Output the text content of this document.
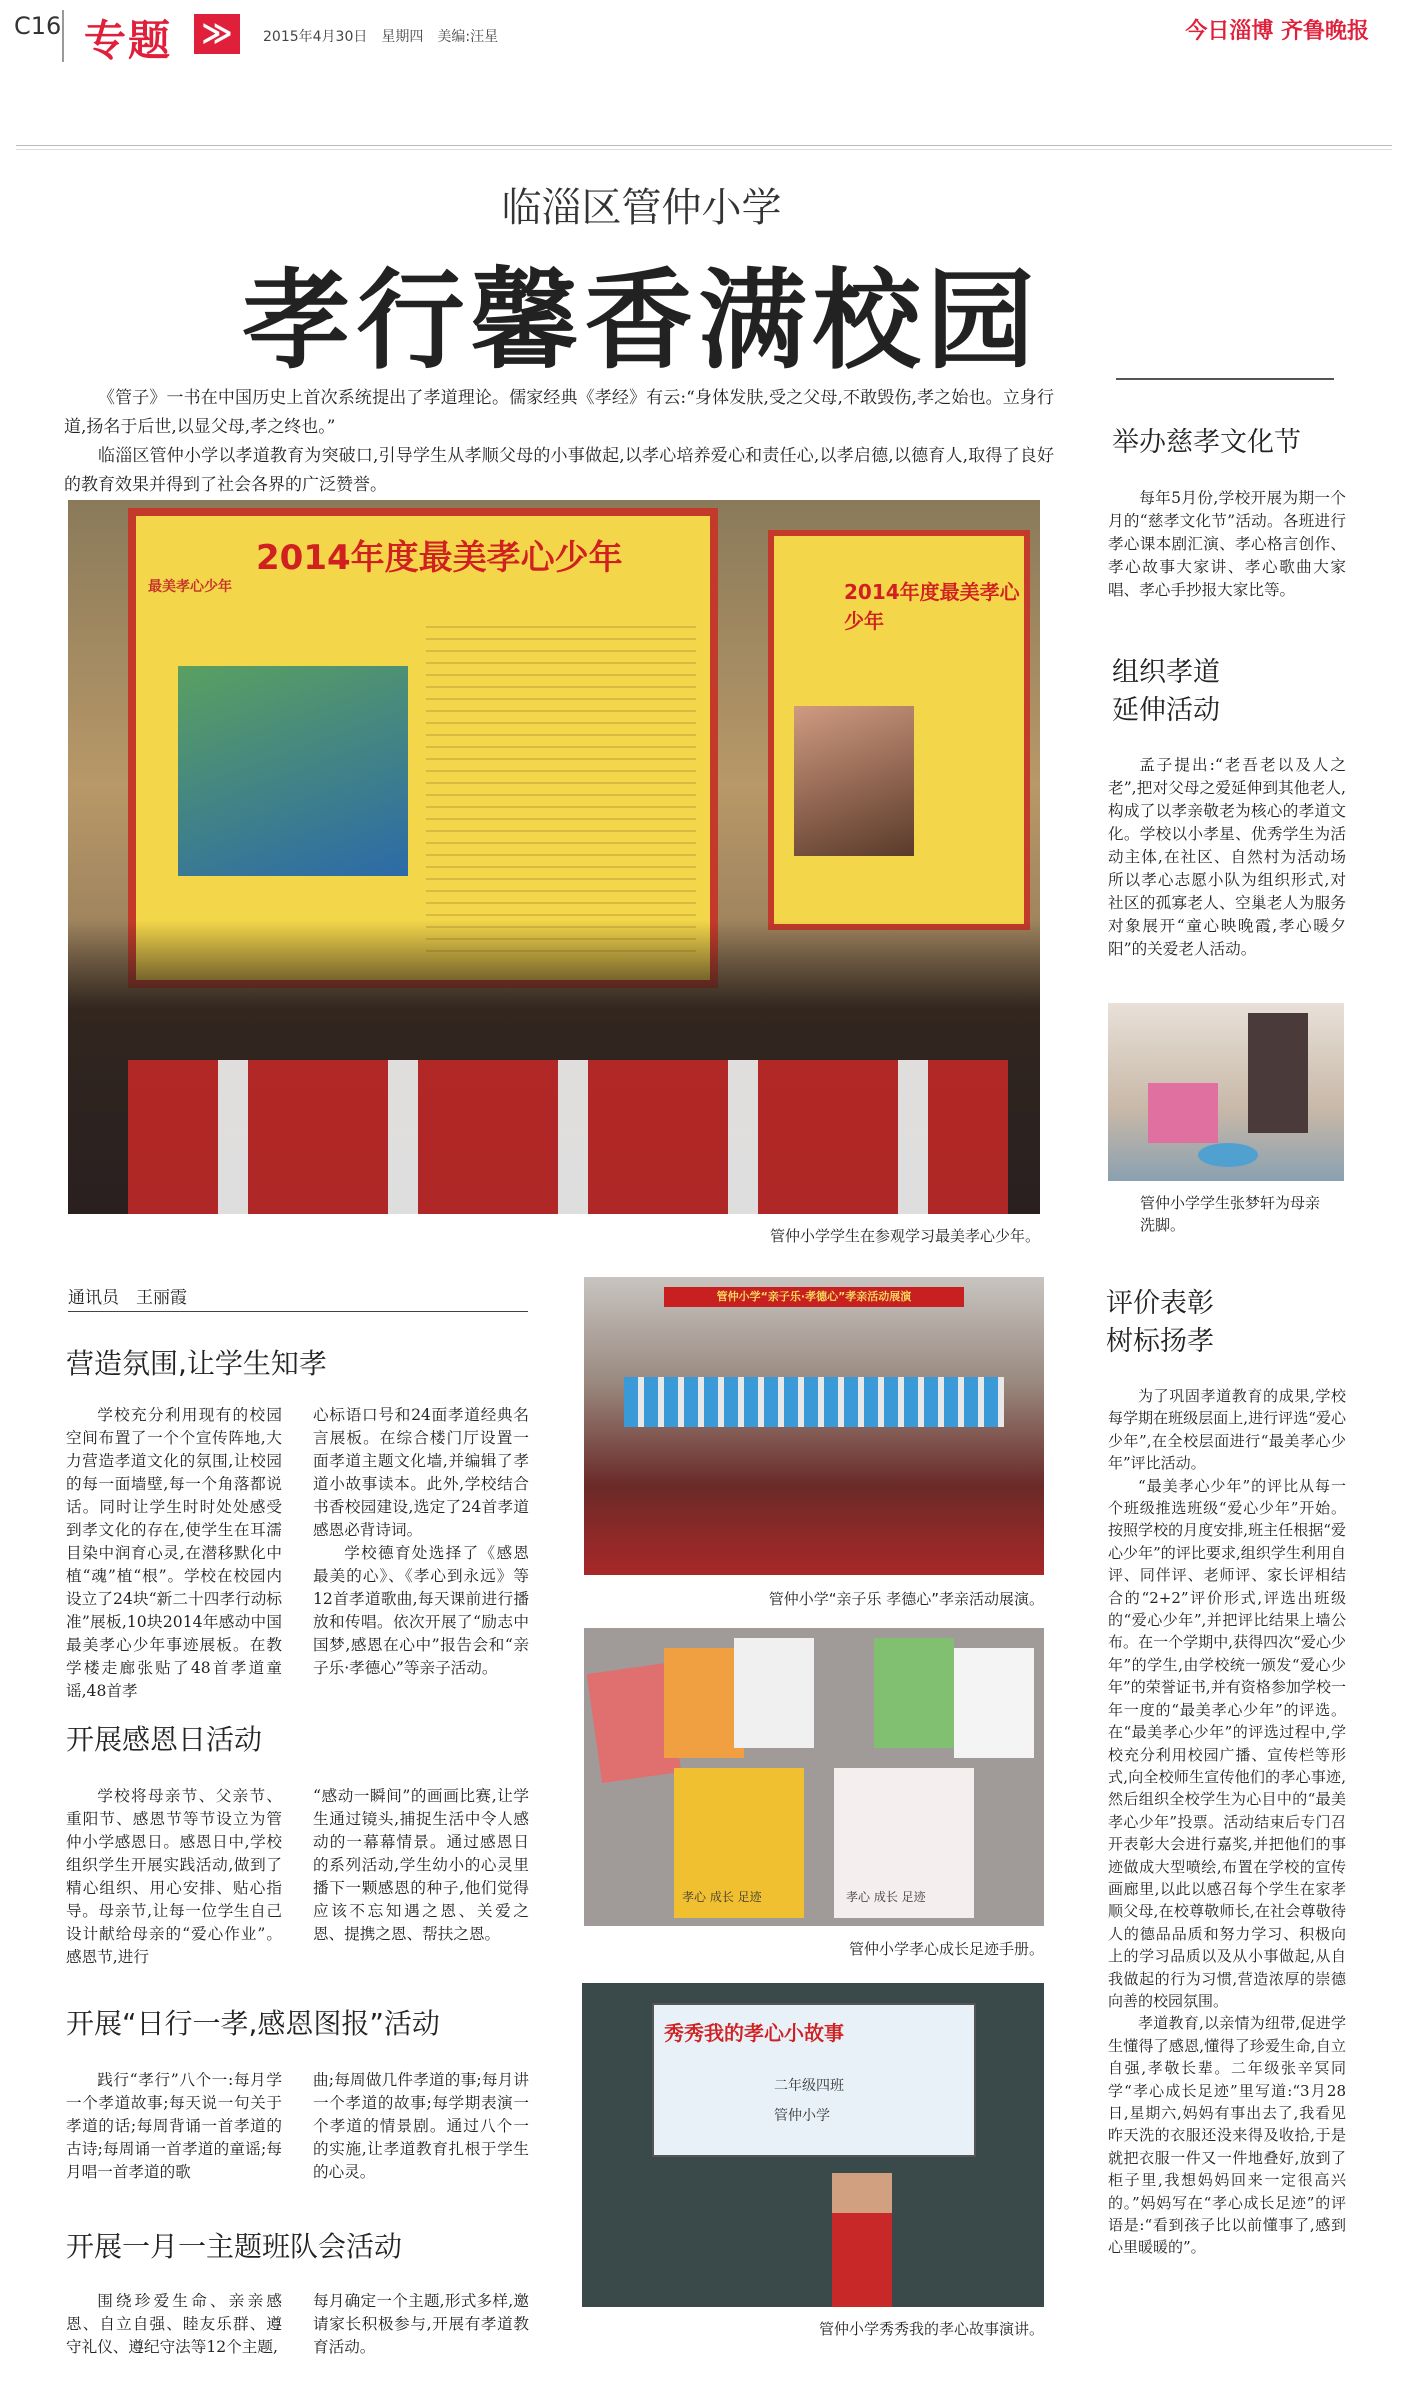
C16 专题 ≫	2015年4月30日　星期四　美编:汪星	今日淄博 齐鲁晚报
临淄区管仲小学
孝行馨香满校园

《管子》一书在中国历史上首次系统提出了孝道理论。儒家经典《孝经》有云:“身体发肤,受之父母,不敢毁伤,孝之始也。立身行道,扬名于后世,以显父母,孝之终也。”

临淄区管仲小学以孝道教育为突破口,引导学生从孝顺父母的小事做起,以孝心培养爱心和责任心,以孝启德,以德育人,取得了良好的教育效果并得到了社会各界的广泛赞誉。

最美孝心少年
2014年度最美孝心少年
2014年度最美孝心少年
管仲小学学生在参观学习最美孝心少年。
通讯员　王丽霞
营造氛围,让学生知孝

学校充分利用现有的校园空间布置了一个个宣传阵地,大力营造孝道文化的氛围,让校园的每一面墙壁,每一个角落都说话。同时让学生时时处处感受到孝文化的存在,使学生在耳濡目染中润育心灵,在潜移默化中植“魂”植“根”。学校在校园内设立了24块“新二十四孝行动标准”展板,10块2014年感动中国最美孝心少年事迹展板。在教学楼走廊张贴了48首孝道童谣,48首孝

心标语口号和24面孝道经典名言展板。在综合楼门厅设置一面孝道主题文化墙,并编辑了孝道小故事读本。此外,学校结合书香校园建设,选定了24首孝道感恩必背诗词。

学校德育处选择了《感恩最美的心》、《孝心到永远》等12首孝道歌曲,每天课前进行播放和传唱。依次开展了“励志中国梦,感恩在心中”报告会和“亲子乐·孝德心”等亲子活动。

开展感恩日活动

学校将母亲节、父亲节、重阳节、感恩节等节设立为管仲小学感恩日。感恩日中,学校组织学生开展实践活动,做到了精心组织、用心安排、贴心指导。母亲节,让每一位学生自己设计献给母亲的“爱心作业”。感恩节,进行

“感动一瞬间”的画画比赛,让学生通过镜头,捕捉生活中令人感动的一幕幕情景。通过感恩日的系列活动,学生幼小的心灵里播下一颗感恩的种子,他们觉得应该不忘知遇之恩、关爱之恩、提携之恩、帮扶之恩。

开展“日行一孝,感恩图报”活动

践行“孝行”八个一:每月学一个孝道故事;每天说一句关于孝道的话;每周背诵一首孝道的古诗;每周诵一首孝道的童谣;每月唱一首孝道的歌

曲;每周做几件孝道的事;每月讲一个孝道的故事;每学期表演一个孝道的情景剧。通过八个一的实施,让孝道教育扎根于学生的心灵。

开展一月一主题班队会活动

围绕珍爱生命、亲亲感恩、自立自强、睦友乐群、遵守礼仪、遵纪守法等12个主题,

每月确定一个主题,形式多样,邀请家长积极参与,开展有孝道教育活动。

管仲小学“亲子乐·孝德心”孝亲活动展演
管仲小学“亲子乐 孝德心”孝亲活动展演。
孝心 成长 足迹	孝心 成长 足迹
管仲小学孝心成长足迹手册。
秀秀我的孝心小故事
二年级四班
管仲小学
管仲小学秀秀我的孝心故事演讲。
举办慈孝文化节

每年5月份,学校开展为期一个月的“慈孝文化节”活动。各班进行孝心课本剧汇演、孝心格言创作、孝心故事大家讲、孝心歌曲大家唱、孝心手抄报大家比等。

组织孝道
延伸活动

孟子提出:“老吾老以及人之老”,把对父母之爱延伸到其他老人,构成了以孝亲敬老为核心的孝道文化。学校以小孝星、优秀学生为活动主体,在社区、自然村为活动场所以孝心志愿小队为组织形式,对社区的孤寡老人、空巢老人为服务对象展开“童心映晚霞,孝心暖夕阳”的关爱老人活动。

管仲小学学生张梦轩为母亲
洗脚。
评价表彰
树标扬孝

为了巩固孝道教育的成果,学校每学期在班级层面上,进行评选“爱心少年”,在全校层面进行“最美孝心少年”评比活动。

“最美孝心少年”的评比从每一个班级推选班级“爱心少年”开始。按照学校的月度安排,班主任根据“爱心少年”的评比要求,组织学生利用自评、同伴评、老师评、家长评相结合的“2+2”评价形式,评选出班级的“爱心少年”,并把评比结果上墙公布。在一个学期中,获得四次“爱心少年”的学生,由学校统一颁发“爱心少年”的荣誉证书,并有资格参加学校一年一度的“最美孝心少年”的评选。在“最美孝心少年”的评选过程中,学校充分利用校园广播、宣传栏等形式,向全校师生宣传他们的孝心事迹,然后组织全校学生为心目中的“最美孝心少年”投票。活动结束后专门召开表彰大会进行嘉奖,并把他们的事迹做成大型喷绘,布置在学校的宣传画廊里,以此以感召每个学生在家孝顺父母,在校尊敬师长,在社会尊敬待人的德品品质和努力学习、积极向上的学习品质以及从小事做起,从自我做起的行为习惯,营造浓厚的崇德向善的校园氛围。

孝道教育,以亲情为纽带,促进学生懂得了感恩,懂得了珍爱生命,自立自强,孝敬长辈。二年级张辛冥同学“孝心成长足迹”里写道:“3月28日,星期六,妈妈有事出去了,我看见昨天洗的衣服还没来得及收拾,于是就把衣服一件又一件地叠好,放到了柜子里,我想妈妈回来一定很高兴的。”妈妈写在“孝心成长足迹”的评语是:“看到孩子比以前懂事了,感到心里暖暖的”。
